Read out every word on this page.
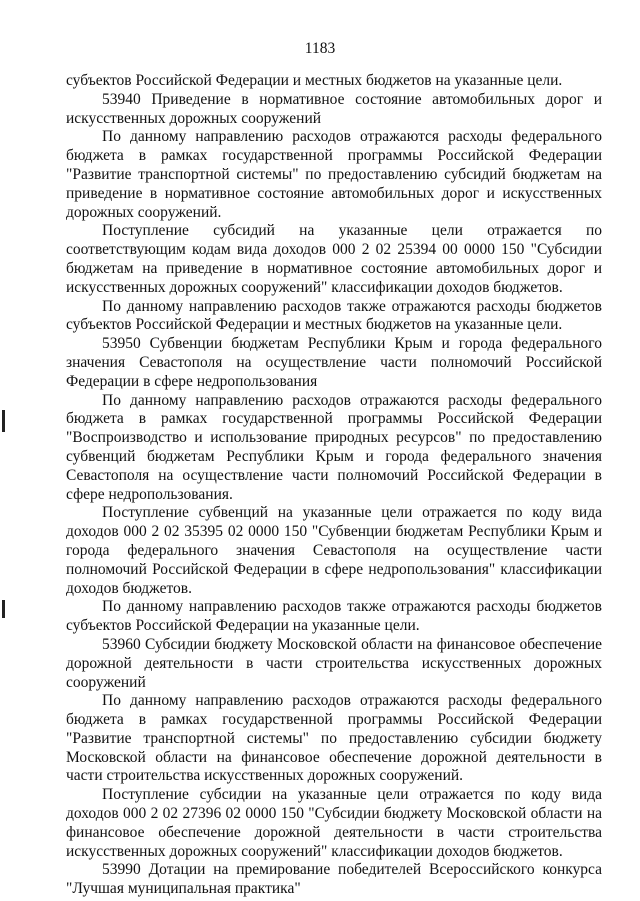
1183

субъектов Российской Федерации и местных бюджетов на указанные цели.

53940 Приведение в нормативное состояние автомобильных дорог и искусственных дорожных сооружений

По данному направлению расходов отражаются расходы федерального бюджета в рамках государственной программы Российской Федерации "Развитие транспортной системы" по предоставлению субсидий бюджетам на приведение в нормативное состояние автомобильных дорог и искусственных дорожных сооружений.

Поступление субсидий на указанные цели отражается по соответствующим кодам вида доходов 000 2 02 25394 00 0000 150 "Субсидии бюджетам на приведение в нормативное состояние автомобильных дорог и искусственных дорожных сооружений" классификации доходов бюджетов.

По данному направлению расходов также отражаются расходы бюджетов субъектов Российской Федерации и местных бюджетов на указанные цели.

53950 Субвенции бюджетам Республики Крым и города федерального значения Севастополя на осуществление части полномочий Российской Федерации в сфере недропользования

По данному направлению расходов отражаются расходы федерального бюджета в рамках государственной программы Российской Федерации "Воспроизводство и использование природных ресурсов" по предоставлению субвенций бюджетам Республики Крым и города федерального значения Севастополя на осуществление части полномочий Российской Федерации в сфере недропользования.

Поступление субвенций на указанные цели отражается по коду вида доходов 000 2 02 35395 02 0000 150 "Субвенции бюджетам Республики Крым и города федерального значения Севастополя на осуществление части полномочий Российской Федерации в сфере недропользования" классификации доходов бюджетов.

По данному направлению расходов также отражаются расходы бюджетов субъектов Российской Федерации на указанные цели.

53960 Субсидии бюджету Московской области на финансовое обеспечение дорожной деятельности в части строительства искусственных дорожных сооружений

По данному направлению расходов отражаются расходы федерального бюджета в рамках государственной программы Российской Федерации "Развитие транспортной системы" по предоставлению субсидии бюджету Московской области на финансовое обеспечение дорожной деятельности в части строительства искусственных дорожных сооружений.

Поступление субсидии на указанные цели отражается по коду вида доходов 000 2 02 27396 02 0000 150 "Субсидии бюджету Московской области на финансовое обеспечение дорожной деятельности в части строительства искусственных дорожных сооружений" классификации доходов бюджетов.

53990 Дотации на премирование победителей Всероссийского конкурса "Лучшая муниципальная практика"
